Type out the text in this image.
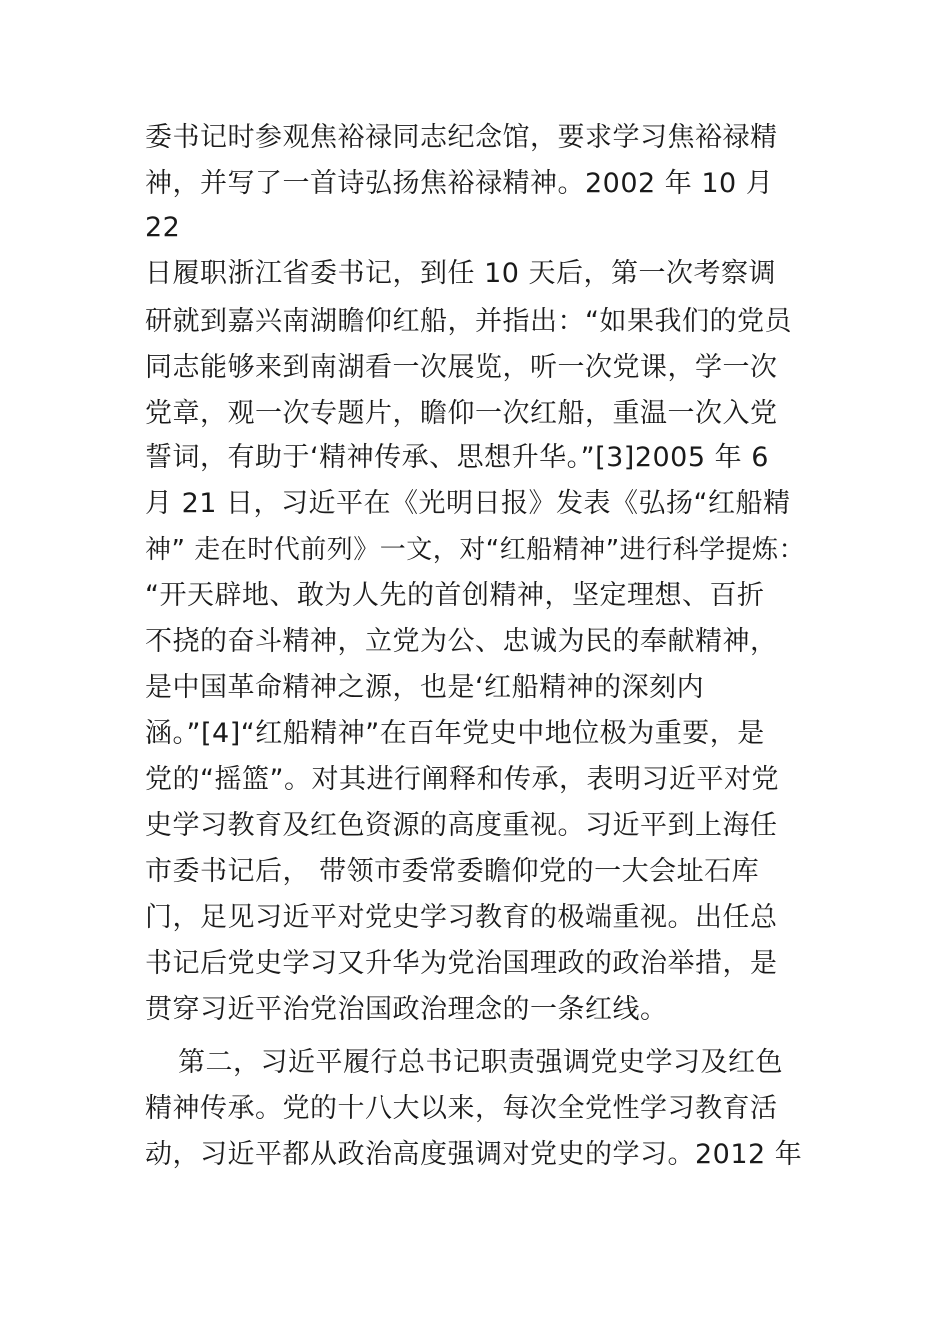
委书记时参观焦裕禄同志纪念馆，要求学习焦裕禄精
神，并写了一首诗弘扬焦裕禄精神。2002 年 10 月
22
日履职浙江省委书记，到任 10 天后，第一次考察调
研就到嘉兴南湖瞻仰红船，并指出：“如果我们的党员
同志能够来到南湖看一次展览，听一次党课，学一次
党章，观一次专题片，瞻仰一次红船，重温一次入党
誓词，有助于‘精神传承、思想升华。”[3]2005 年 6
月 21 日，习近平在《光明日报》发表《弘扬“红船精
神” 走在时代前列》一文，对“红船精神”进行科学提炼：
“开天辟地、敢为人先的首创精神，坚定理想、百折
不挠的奋斗精神，立党为公、忠诚为民的奉献精神，
是中国革命精神之源，也是‘红船精神的深刻内
涵。”[4]“红船精神”在百年党史中地位极为重要，是
党的“摇篮”。对其进行阐释和传承，表明习近平对党
史学习教育及红色资源的高度重视。习近平到上海任
市委书记后， 带领市委常委瞻仰党的一大会址石库
门，足见习近平对党史学习教育的极端重视。出任总
书记后党史学习又升华为党治国理政的政治举措，是
贯穿习近平治党治国政治理念的一条红线。
第二，习近平履行总书记职责强调党史学习及红色
精神传承。党的十八大以来，每次全党性学习教育活
动，习近平都从政治高度强调对党史的学习。2012 年
